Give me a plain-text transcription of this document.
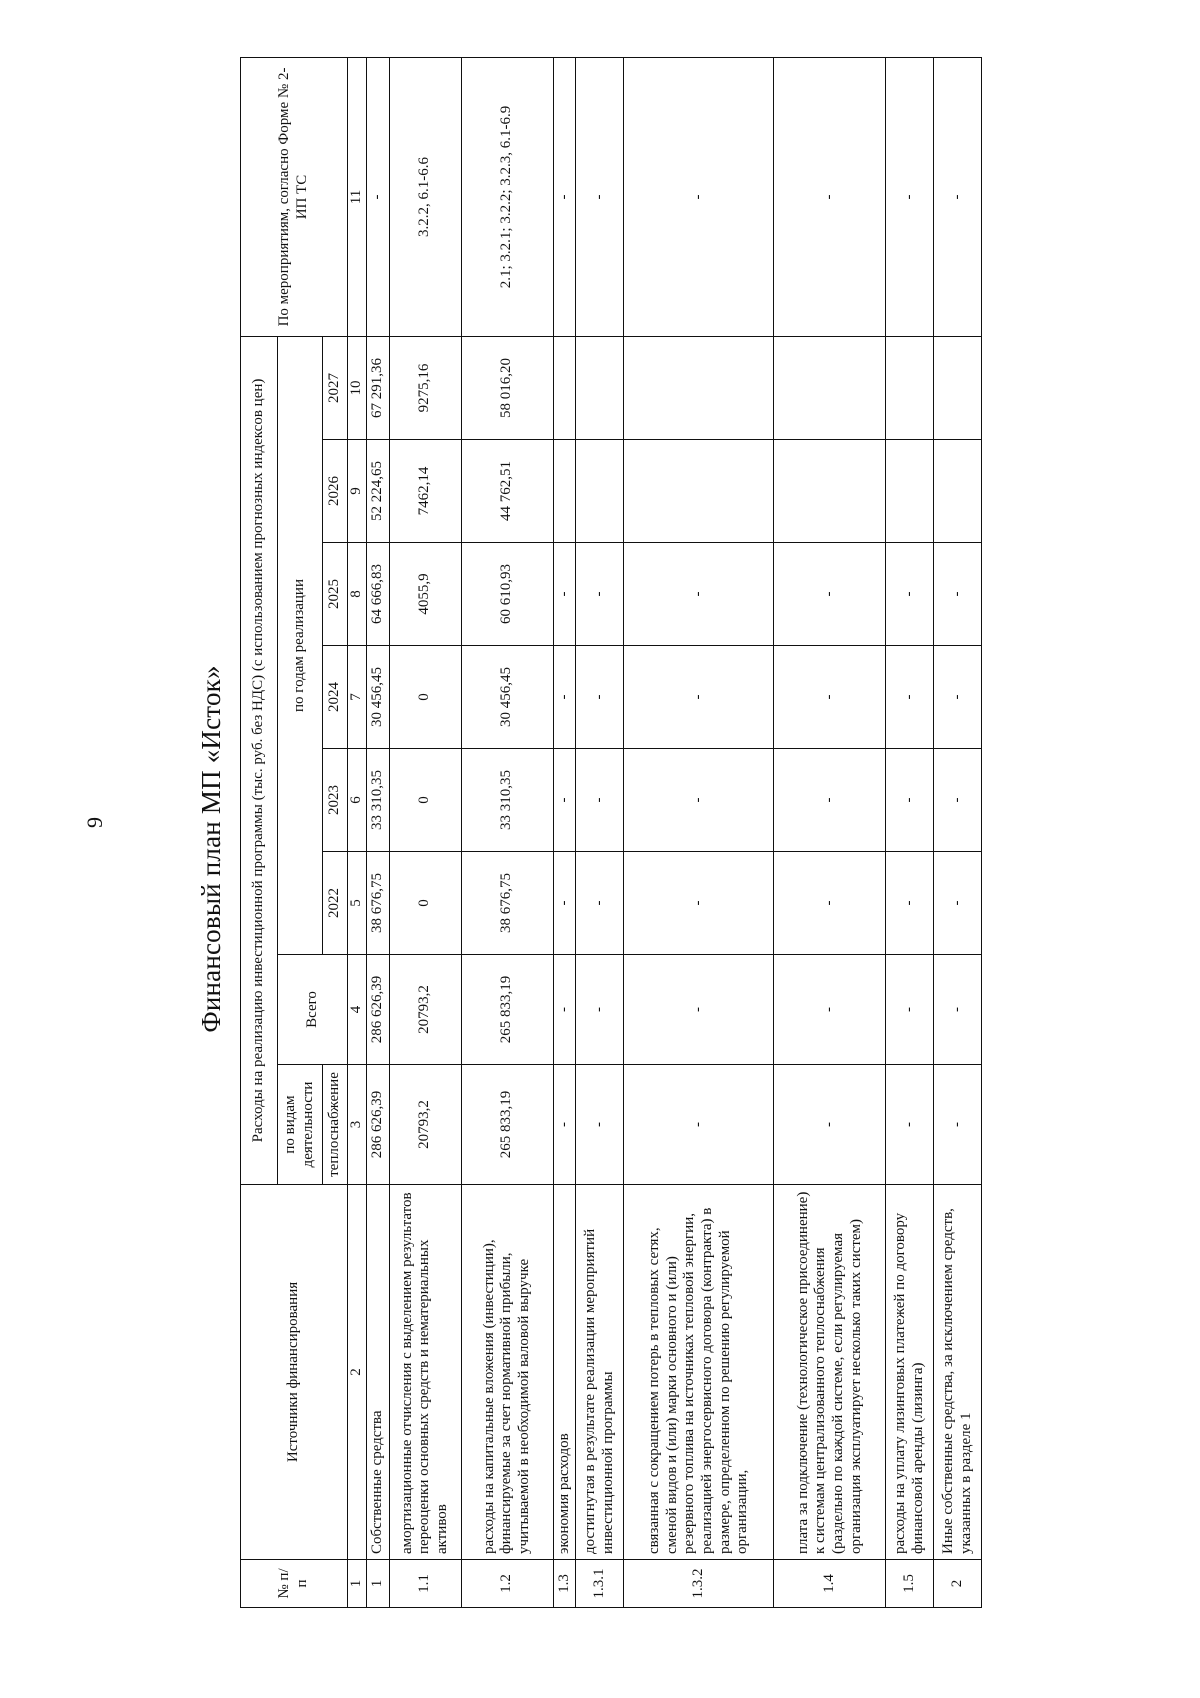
9	Финансовый план МП «Исток»
№ п/п	Источники финансирования	Расходы на реализацию инвестиционной программы (тыс. руб. без НДС) (с использованием прогнозных индексов цен)								По мероприятиям, согласно Форме № 2-ИП ТС
		по видам деятельности	Всего	по годам реализации						
		теплоснабжение		2022	2023	2024	2025	2026	2027	
1	2	3	4	5	6	7	8	9	10	11
1	Собственные средства	286 626,39	286 626,39	38 676,75	33 310,35	30 456,45	64 666,83	52 224,65	67 291,36	-
1.1	амортизационные отчисления с выделением результатов переоценки основных средств и нематериальных активов	20793,2	20793,2	0	0	0	4055,9	7462,14	9275,16	3.2.2, 6.1-6.6
1.2	расходы на капитальные вложения (инвестиции), финансируемые за счет нормативной прибыли, учитываемой в необходимой валовой выручке	265 833,19	265 833,19	38 676,75	33 310,35	30 456,45	60 610,93	44 762,51	58 016,20	2.1; 3.2.1; 3.2.2; 3.2.3, 6.1-6.9
1.3	экономия расходов	-	-	-	-	-	-			-
1.3.1	достигнутая в результате реализации мероприятий инвестиционной программы	-	-	-	-	-	-			-
1.3.2	связанная с сокращением потерь в тепловых сетях, сменой видов и (или) марки основного и (или) резервного топлива на источниках тепловой энергии, реализацией энергосервисного договора (контракта) в размере, определенном по решению регулируемой организации,	-	-	-	-	-	-			-
1.4	плата за подключение (технологическое присоединение) к системам централизованного теплоснабжения (раздельно по каждой системе, если регулируемая организация эксплуатирует несколько таких систем)	-	-	-	-	-	-			-
1.5	расходы на уплату лизинговых платежей по договору финансовой аренды (лизинга)	-	-	-	-	-	-			-
2	Иные собственные средства, за исключением средств, указанных в разделе 1	-	-	-	-	-	-			-
